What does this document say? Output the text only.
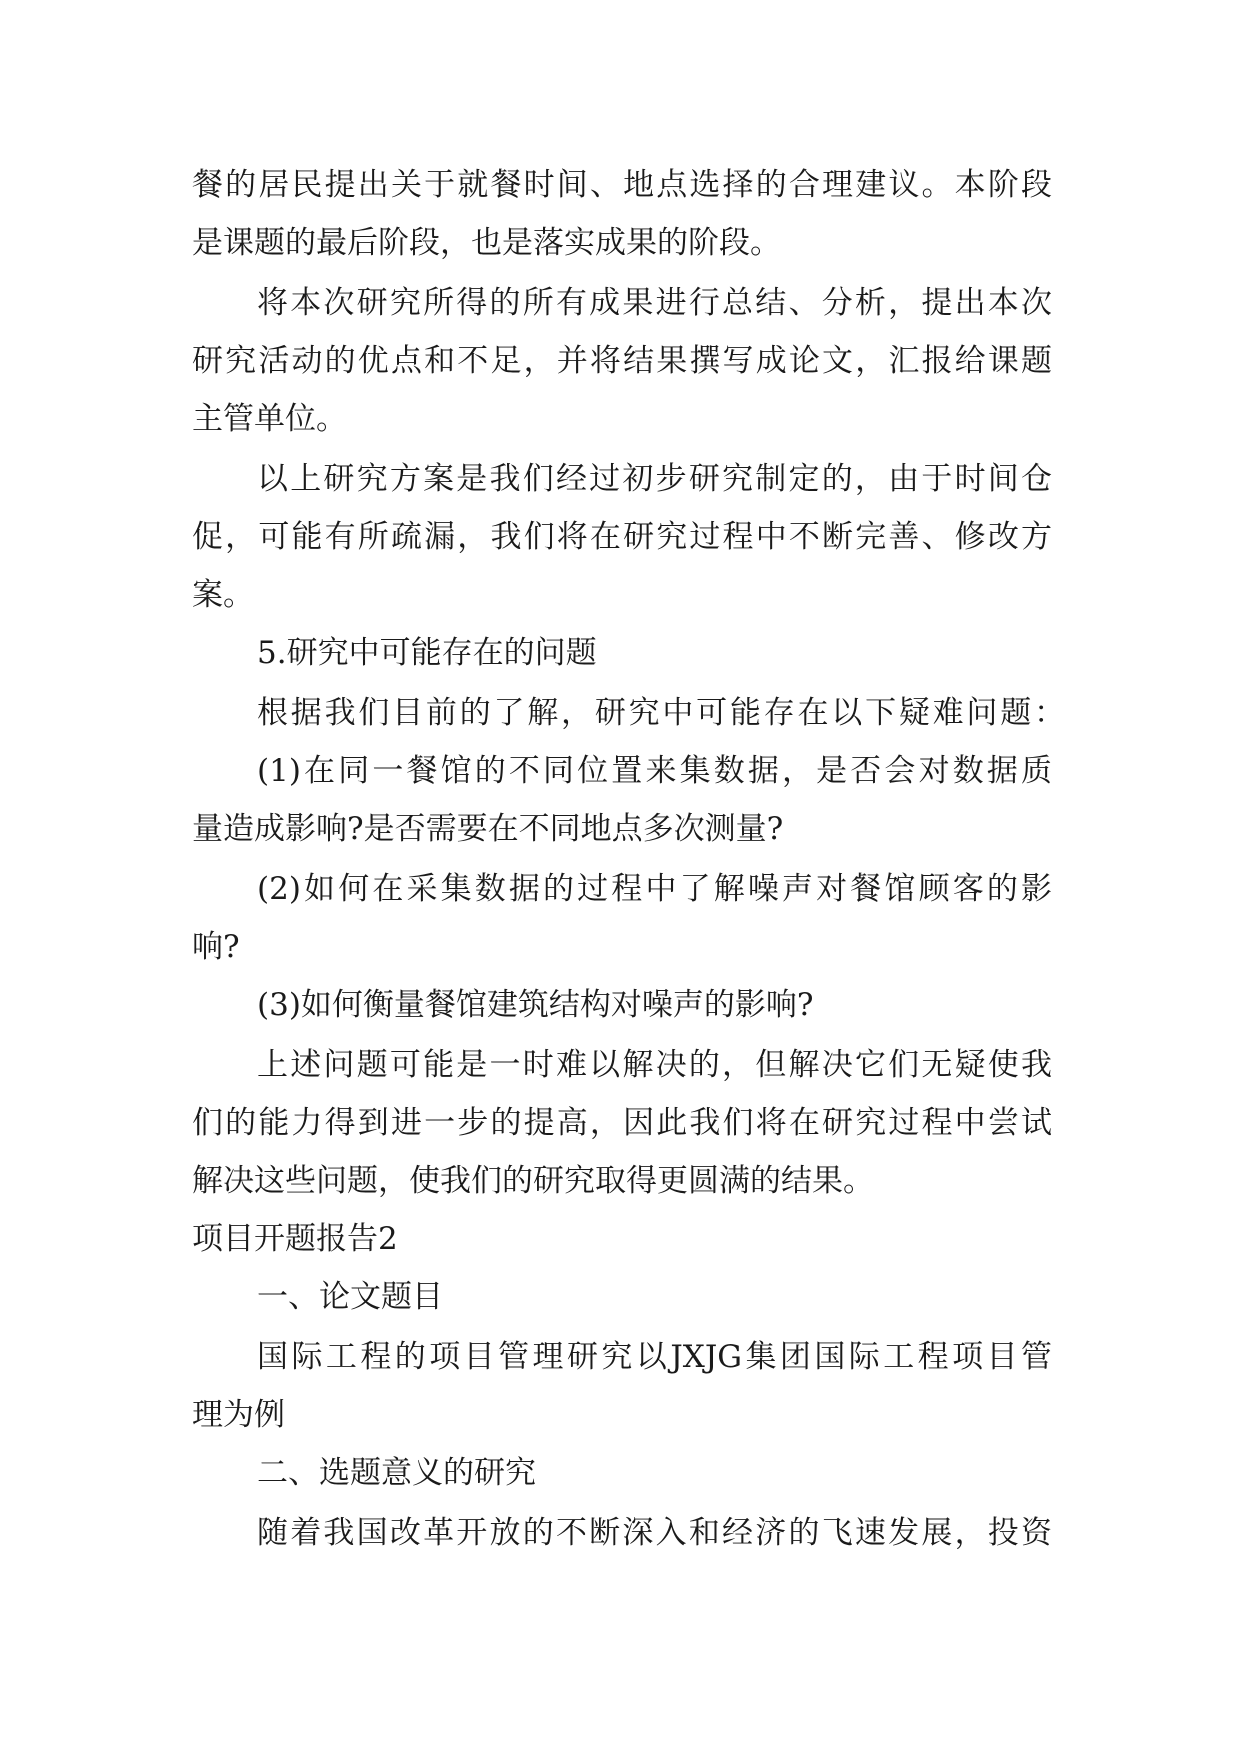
餐的居民提出关于就餐时间、地点选择的合理建议。本阶段
是课题的最后阶段，也是落实成果的阶段。
将本次研究所得的所有成果进行总结、分析，提出本次
研究活动的优点和不足，并将结果撰写成论文，汇报给课题
主管单位。
以上研究方案是我们经过初步研究制定的，由于时间仓
促，可能有所疏漏，我们将在研究过程中不断完善、修改方
案。
5.研究中可能存在的问题
根据我们目前的了解，研究中可能存在以下疑难问题：
(1)在同一餐馆的不同位置来集数据，是否会对数据质
量造成影响?是否需要在不同地点多次测量?
(2)如何在采集数据的过程中了解噪声对餐馆顾客的影
响?
(3)如何衡量餐馆建筑结构对噪声的影响?
上述问题可能是一时难以解决的，但解决它们无疑使我
们的能力得到进一步的提高，因此我们将在研究过程中尝试
解决这些问题，使我们的研究取得更圆满的结果。
项目开题报告2
一、论文题目
国际工程的项目管理研究以JXJG集团国际工程项目管
理为例
二、选题意义的研究
随着我国改革开放的不断深入和经济的飞速发展，投资
